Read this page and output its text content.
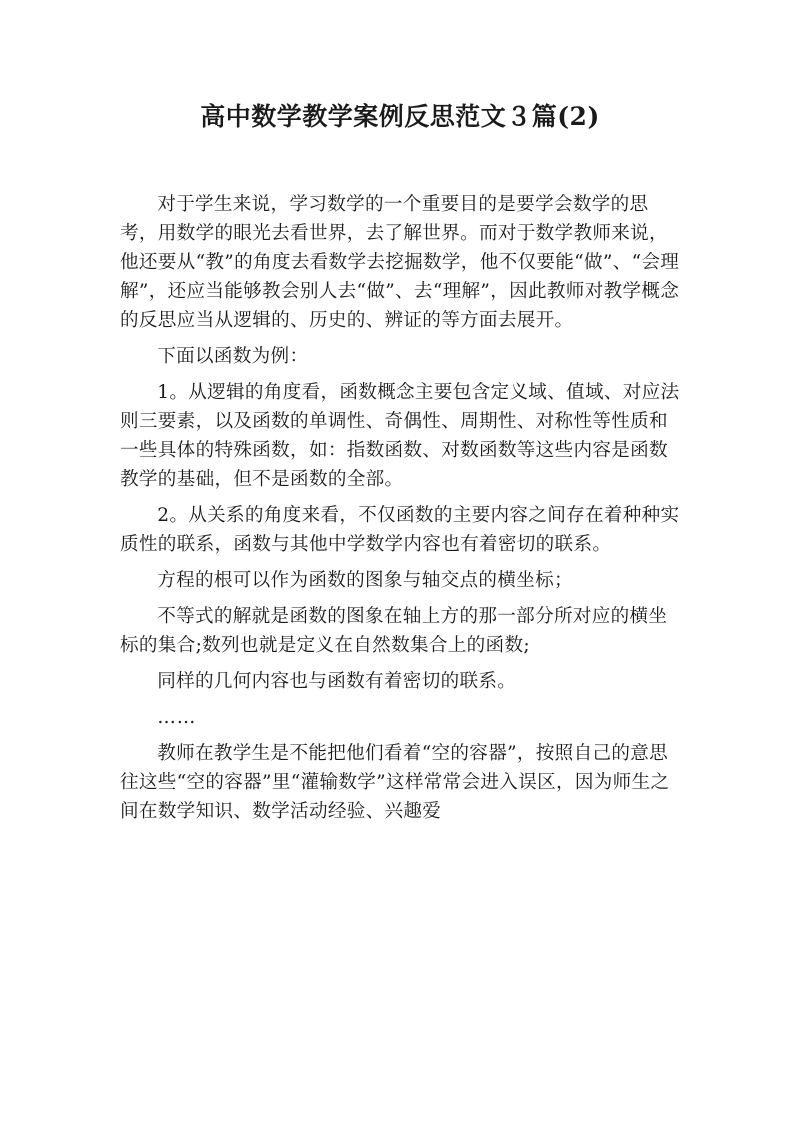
高中数学教学案例反思范文３篇(2)

对于学生来说，学习数学的一个重要目的是要学会数学的思考，用数学的眼光去看世界，去了解世界。而对于数学教师来说，他还要从“教”的角度去看数学去挖掘数学，他不仅要能“做”、“会理解”，还应当能够教会别人去“做”、去“理解”，因此教师对教学概念的反思应当从逻辑的、历史的、辨证的等方面去展开。

下面以函数为例：

1。从逻辑的角度看，函数概念主要包含定义域、值域、对应法则三要素，以及函数的单调性、奇偶性、周期性、对称性等性质和一些具体的特殊函数，如：指数函数、对数函数等这些内容是函数教学的基础，但不是函数的全部。

2。从关系的角度来看，不仅函数的主要内容之间存在着种种实质性的联系，函数与其他中学数学内容也有着密切的联系。

方程的根可以作为函数的图象与轴交点的横坐标；

不等式的解就是函数的图象在轴上方的那一部分所对应的横坐标的集合;数列也就是定义在自然数集合上的函数;

同样的几何内容也与函数有着密切的联系。

……

教师在教学生是不能把他们看着“空的容器”，按照自己的意思往这些“空的容器”里“灌输数学”这样常常会进入误区，因为师生之间在数学知识、数学活动经验、兴趣爱
